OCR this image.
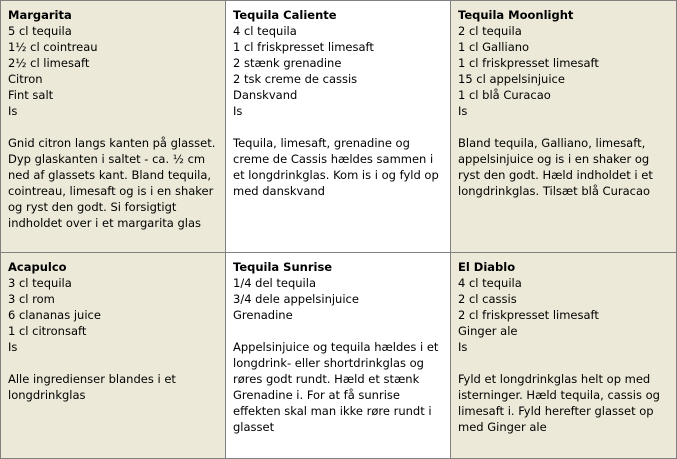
Margarita
5 cl tequila
1½ cl cointreau
2½ cl limesaft
Citron
Fint salt
Is
Gnid citron langs kanten på glasset. Dyp glaskanten i saltet - ca. ½ cm ned af glassets kant. Bland tequila, cointreau, limesaft og is i en shaker og ryst den godt. Si forsigtigt indholdet over i et margarita glas
Tequila Caliente
4 cl tequila
1 cl friskpresset limesaft
2 stænk grenadine
2 tsk creme de cassis
Danskvand
Is
Tequila, limesaft, grenadine og creme de Cassis hældes sammen i et longdrinkglas. Kom is i og fyld op med danskvand
Tequila Moonlight
2 cl tequila
1 cl Galliano
1 cl friskpresset limesaft
15 cl appelsinjuice
1 cl blå Curacao
Is
Bland tequila, Galliano, limesaft, appelsinjuice og is i en shaker og ryst den godt. Hæld indholdet i et longdrinkglas. Tilsæt blå Curacao
Acapulco
3 cl tequila
3 cl rom
6 clananas juice
1 cl citronsaft
Is
Alle ingredienser blandes i et longdrinkglas
Tequila Sunrise
1/4 del tequila
3/4 dele appelsinjuice
Grenadine
Appelsinjuice og tequila hældes i et longdrink- eller shortdrinkglas og røres godt rundt. Hæld et stænk Grenadine i. For at få sunrise effekten skal man ikke røre rundt i glasset
El Diablo
4 cl tequila
2 cl cassis
2 cl friskpresset limesaft
Ginger ale
Is
Fyld et longdrinkglas helt op med isterninger. Hæld tequila, cassis og limesaft i. Fyld herefter glasset op med Ginger ale
